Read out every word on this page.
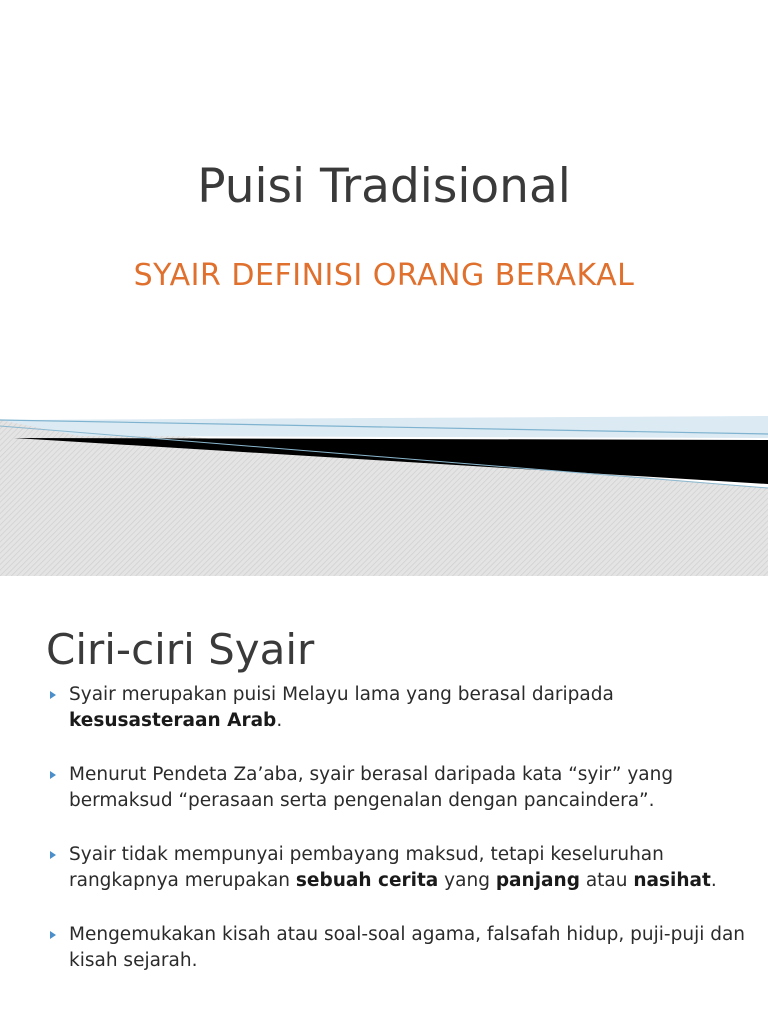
Puisi Tradisional
SYAIR DEFINISI ORANG BERAKAL
Ciri-ciri Syair
Syair merupakan puisi Melayu lama yang berasal daripada kesusasteraan Arab.
Menurut Pendeta Za’aba, syair berasal daripada kata “syir” yang bermaksud “perasaan serta pengenalan dengan pancaindera”.
Syair tidak mempunyai pembayang maksud, tetapi keseluruhan rangkapnya merupakan sebuah cerita yang panjang atau nasihat.
Mengemukakan kisah atau soal-soal agama, falsafah hidup, puji-puji dan kisah sejarah.
